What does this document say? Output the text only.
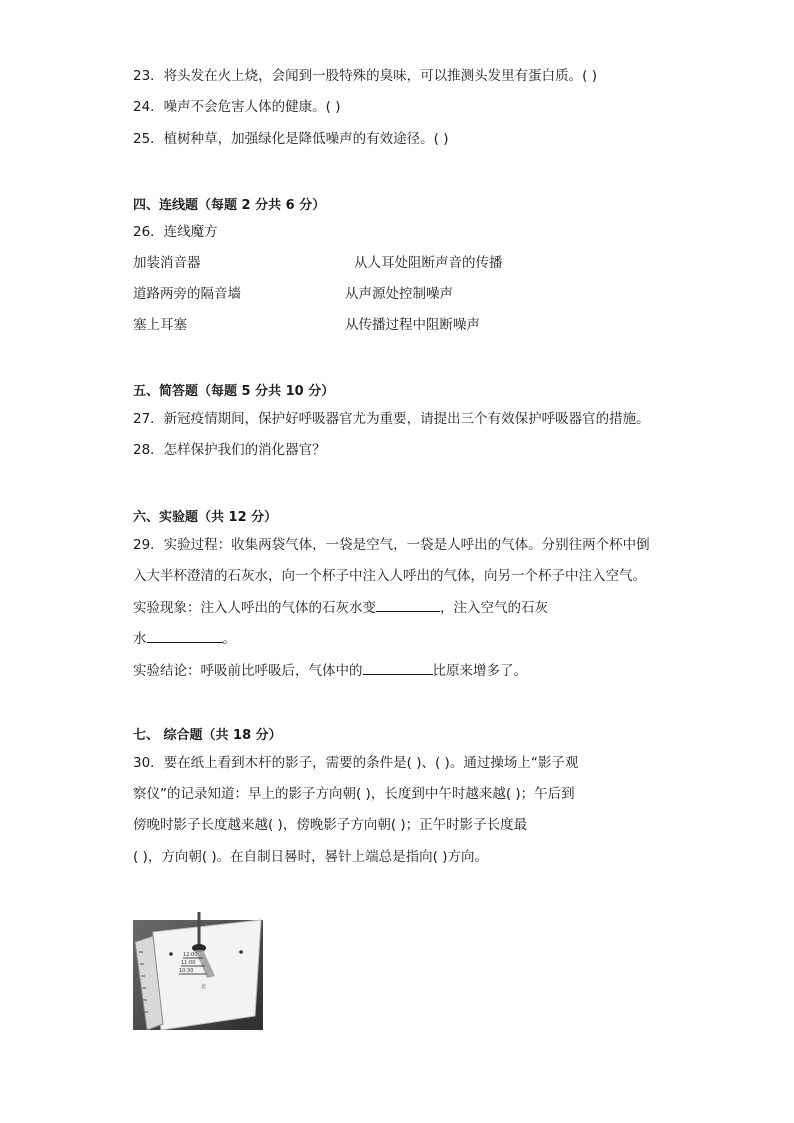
23．将头发在火上烧，会闻到一股特殊的臭味，可以推测头发里有蛋白质。( )
24．噪声不会危害人体的健康。( )
25．植树种草，加强绿化是降低噪声的有效途径。( )
四、连线题（每题 2 分共 6 分）
26．连线魔方
加装消音器	从人耳处阻断声音的传播
道路两旁的隔音墙	从声源处控制噪声
塞上耳塞	从传播过程中阻断噪声
五、简答题（每题 5 分共 10 分）
27．新冠疫情期间，保护好呼吸器官尤为重要，请提出三个有效保护呼吸器官的措施。
28．怎样保护我们的消化器官？
六、实验题（共 12 分）
29．实验过程：收集两袋气体，一袋是空气，一袋是人呼出的气体。分别往两个杯中倒
入大半杯澄清的石灰水，向一个杯子中注入人呼出的气体，向另一个杯子中注入空气。
实验现象：注入人呼出的气体的石灰水变	，注入空气的石灰
水	。
实验结论：呼吸前比呼吸后，气体中的	比原来增多了。
七、 综合题（共 18 分）
30．要在纸上看到木杆的影子，需要的条件是( )、( )。通过操场上“影子观
察仪”的记录知道：早上的影子方向朝( )，长度到中午时越来越( )；午后到
傍晚时影子长度越来越( )，傍晚影子方向朝( )；正午时影子长度最
( )，方向朝( )。在自制日晷时，晷针上端总是指向( )方向。
12:00
11:00
10:30
北
